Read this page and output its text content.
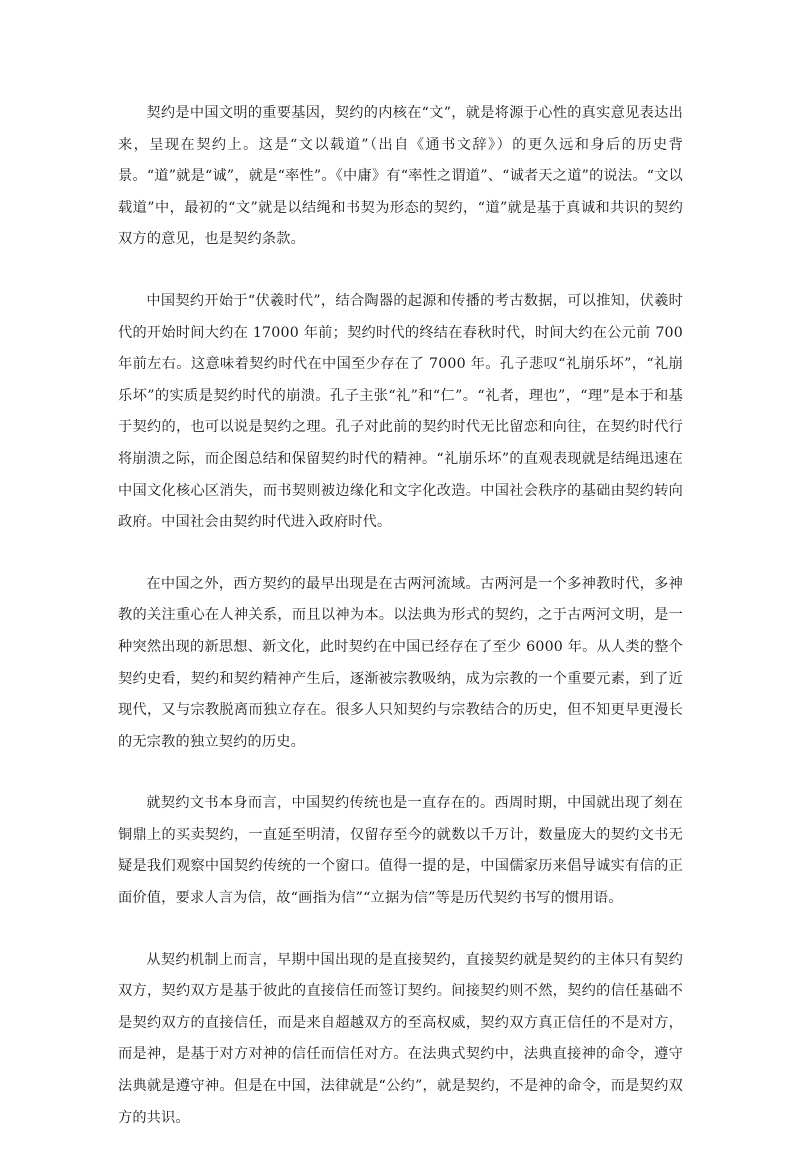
契约是中国文明的重要基因，契约的内核在“文”，就是将源于心性的真实意见表达出来，呈现在契约上。这是“文以载道”（出自《通书文辞》）的更久远和身后的历史背景。“道”就是“诚”，就是“率性”。《中庸》有“率性之谓道”、“诚者天之道”的说法。“文以载道”中，最初的“文”就是以结绳和书契为形态的契约，“道”就是基于真诚和共识的契约双方的意见，也是契约条款。

中国契约开始于“伏羲时代”，结合陶器的起源和传播的考古数据，可以推知，伏羲时代的开始时间大约在 17000 年前；契约时代的终结在春秋时代，时间大约在公元前 700 年前左右。这意味着契约时代在中国至少存在了 7000 年。孔子悲叹“礼崩乐坏”，“礼崩乐坏”的实质是契约时代的崩溃。孔子主张“礼”和“仁”。“礼者，理也”，“理”是本于和基于契约的，也可以说是契约之理。孔子对此前的契约时代无比留恋和向往，在契约时代行将崩溃之际，而企图总结和保留契约时代的精神。“礼崩乐坏”的直观表现就是结绳迅速在中国文化核心区消失，而书契则被边缘化和文字化改造。中国社会秩序的基础由契约转向政府。中国社会由契约时代进入政府时代。

在中国之外，西方契约的最早出现是在古两河流域。古两河是一个多神教时代，多神教的关注重心在人神关系，而且以神为本。以法典为形式的契约，之于古两河文明，是一种突然出现的新思想、新文化，此时契约在中国已经存在了至少 6000 年。从人类的整个契约史看，契约和契约精神产生后，逐渐被宗教吸纳，成为宗教的一个重要元素，到了近现代，又与宗教脱离而独立存在。很多人只知契约与宗教结合的历史，但不知更早更漫长的无宗教的独立契约的历史。

就契约文书本身而言，中国契约传统也是一直存在的。西周时期，中国就出现了刻在铜鼎上的买卖契约，一直延至明清，仅留存至今的就数以千万计，数量庞大的契约文书无疑是我们观察中国契约传统的一个窗口。值得一提的是，中国儒家历来倡导诚实有信的正面价值，要求人言为信，故“画指为信”“立据为信”等是历代契约书写的惯用语。

从契约机制上而言，早期中国出现的是直接契约，直接契约就是契约的主体只有契约双方，契约双方是基于彼此的直接信任而签订契约。间接契约则不然，契约的信任基础不是契约双方的直接信任，而是来自超越双方的至高权威，契约双方真正信任的不是对方，而是神，是基于对方对神的信任而信任对方。在法典式契约中，法典直接神的命令，遵守法典就是遵守神。但是在中国，法律就是“公约”，就是契约，不是神的命令，而是契约双方的共识。
